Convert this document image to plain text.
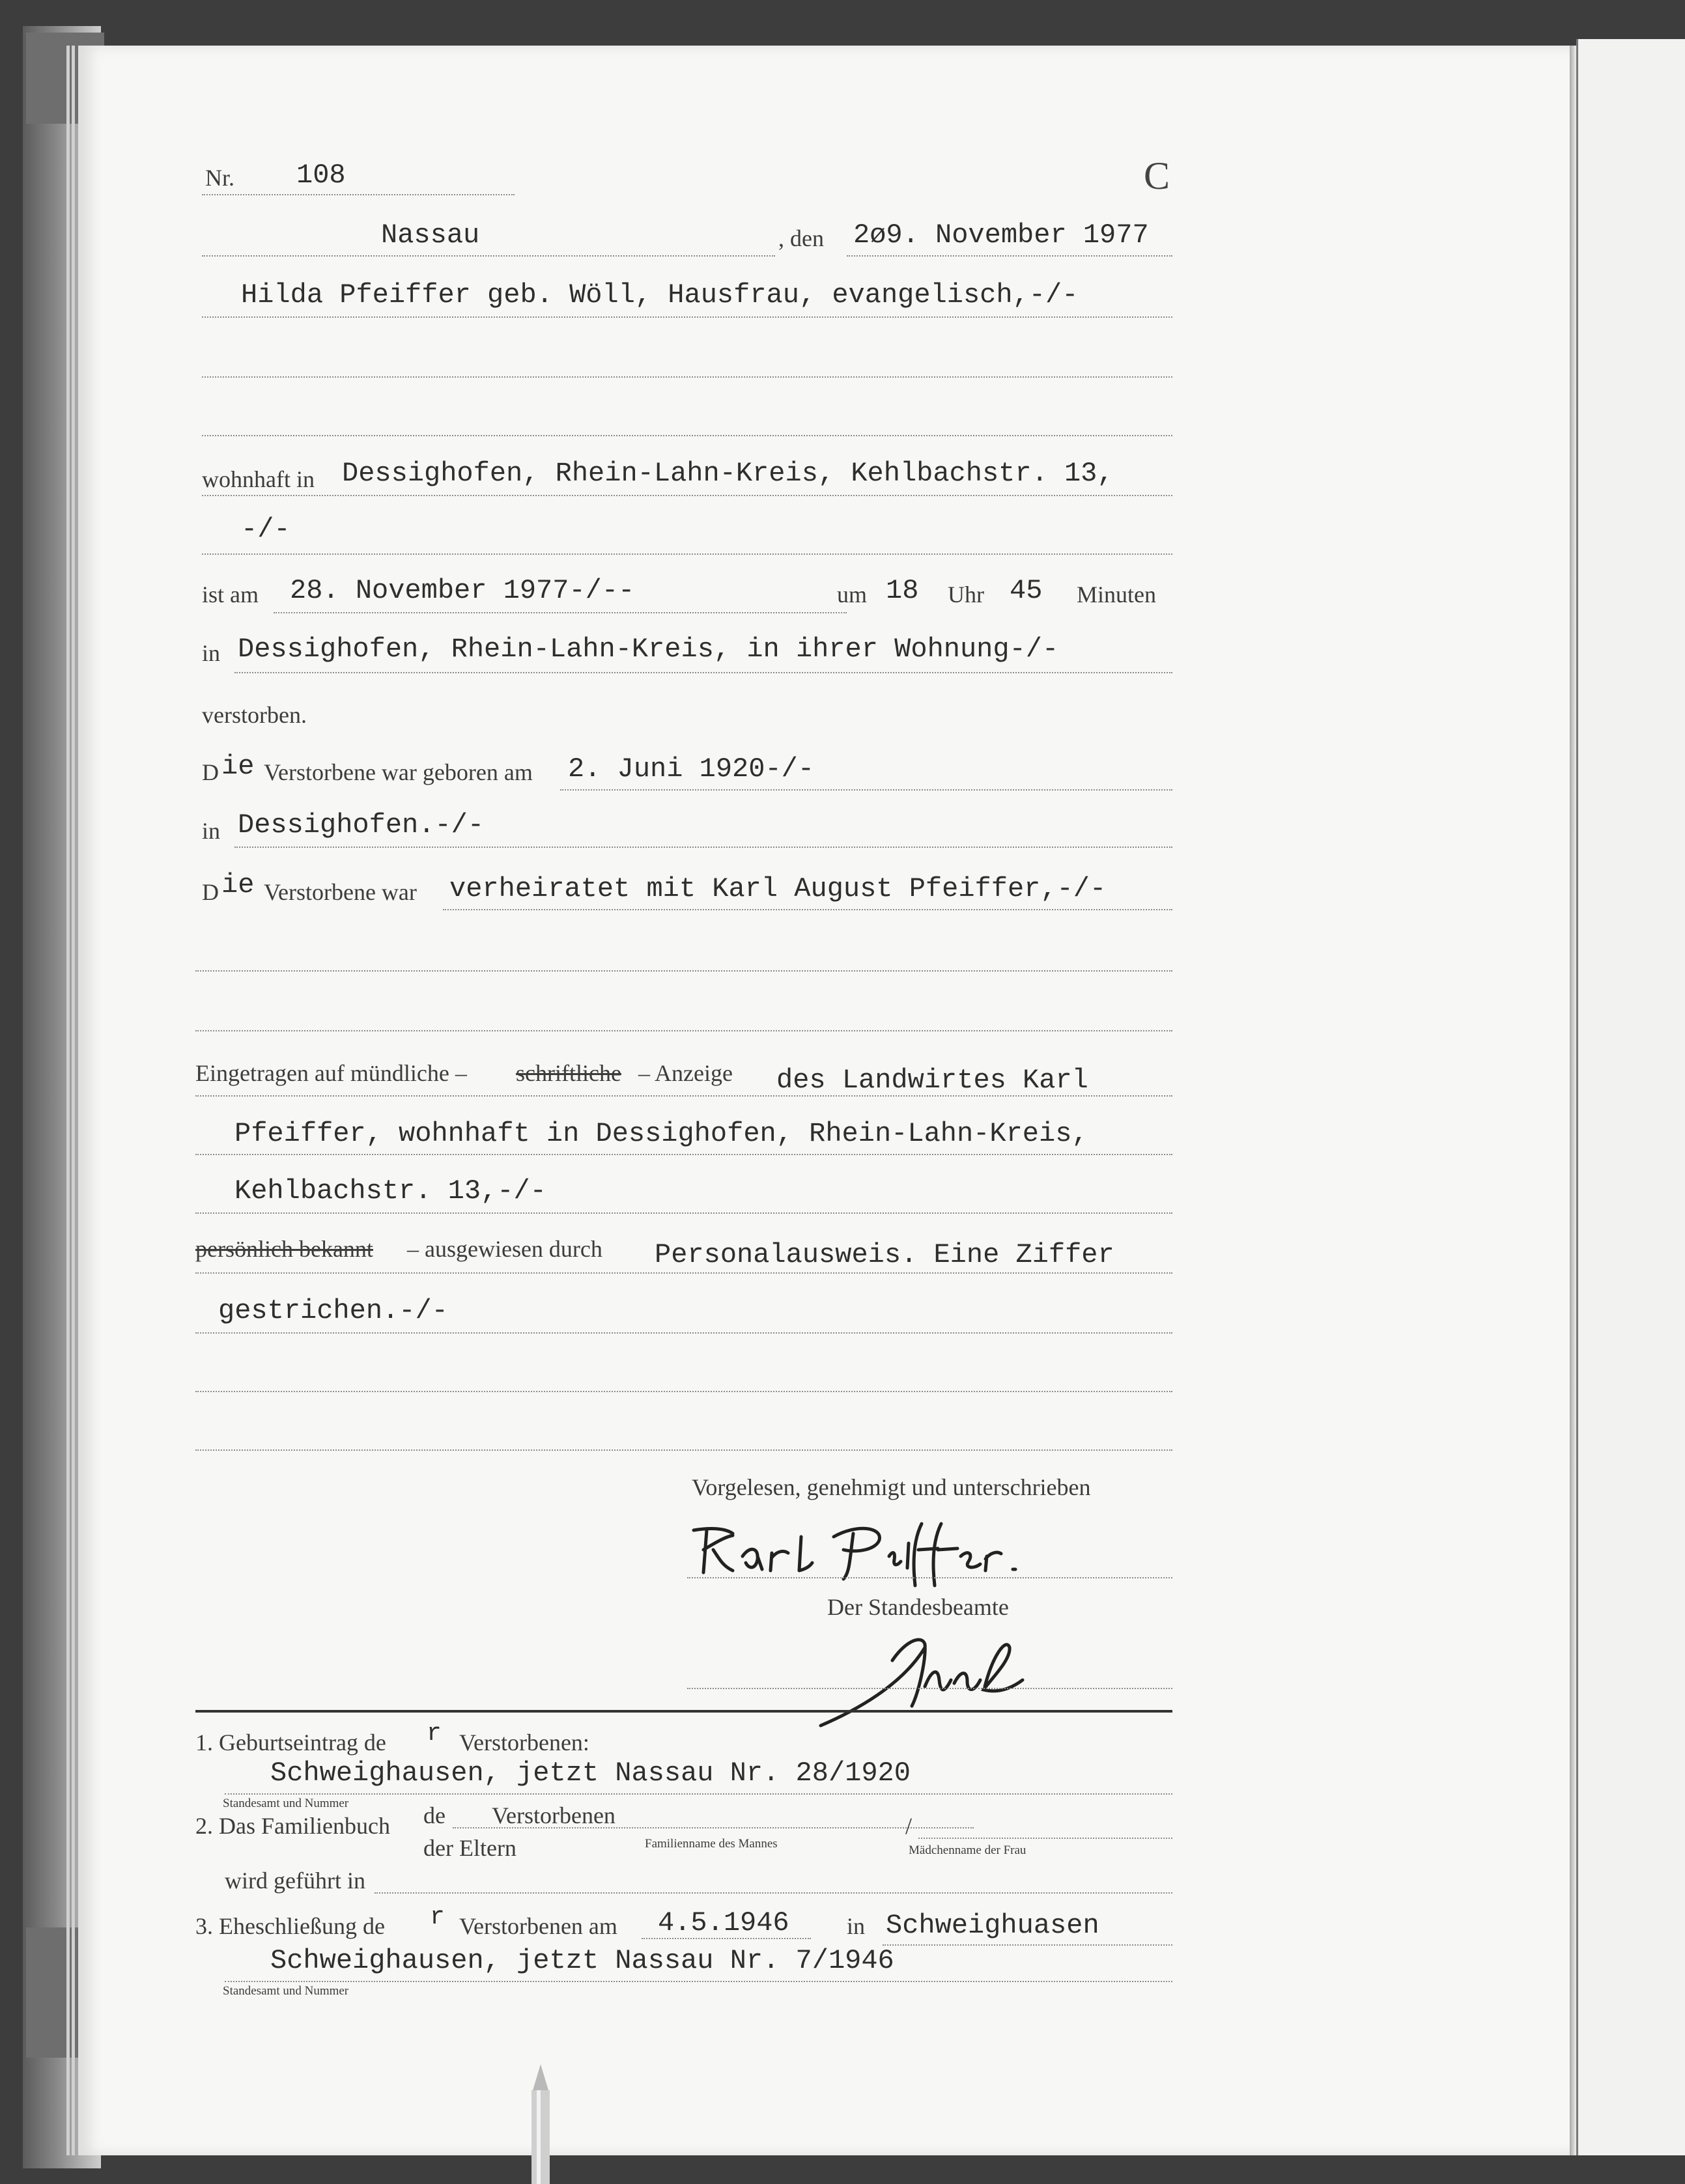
Nr. 108	C
Nassau	, den 2ø9. November 1977
Hilda Pfeiffer geb. Wöll, Hausfrau, evangelisch,-/-
wohnhaft in Dessighofen, Rhein-Lahn-Kreis, Kehlbachstr. 13,
-/-
ist am 28. November 1977-/--	um 18 Uhr 45 Minuten
in Dessighofen, Rhein-Lahn-Kreis, in ihrer Wohnung-/-
verstorben.
D ie Verstorbene war geboren am 2. Juni 1920-/-
in Dessighofen.-/-
D ie Verstorbene war verheiratet mit Karl August Pfeiffer,-/-
Eingetragen auf mündliche – schriftliche – Anzeige des Landwirtes Karl
Pfeiffer, wohnhaft in Dessighofen, Rhein-Lahn-Kreis,
Kehlbachstr. 13,-/-
persönlich bekannt – ausgewiesen durch Personalausweis. Eine Ziffer
gestrichen.-/-
Vorgelesen, genehmigt und unterschrieben
Der Standesbeamte
1. Geburtseintrag de r Verstorbenen:
Schweighausen, jetzt Nassau Nr. 28/1920
Standesamt und Nummer
2. Das Familienbuch de Verstorbenen
der Eltern	Familienname des Mannes
/
Mädchenname der Frau
wird geführt in
3. Eheschließung de r Verstorbenen am 4.5.1946 in Schweighuasen
Schweighausen, jetzt Nassau Nr. 7/1946
Standesamt und Nummer
